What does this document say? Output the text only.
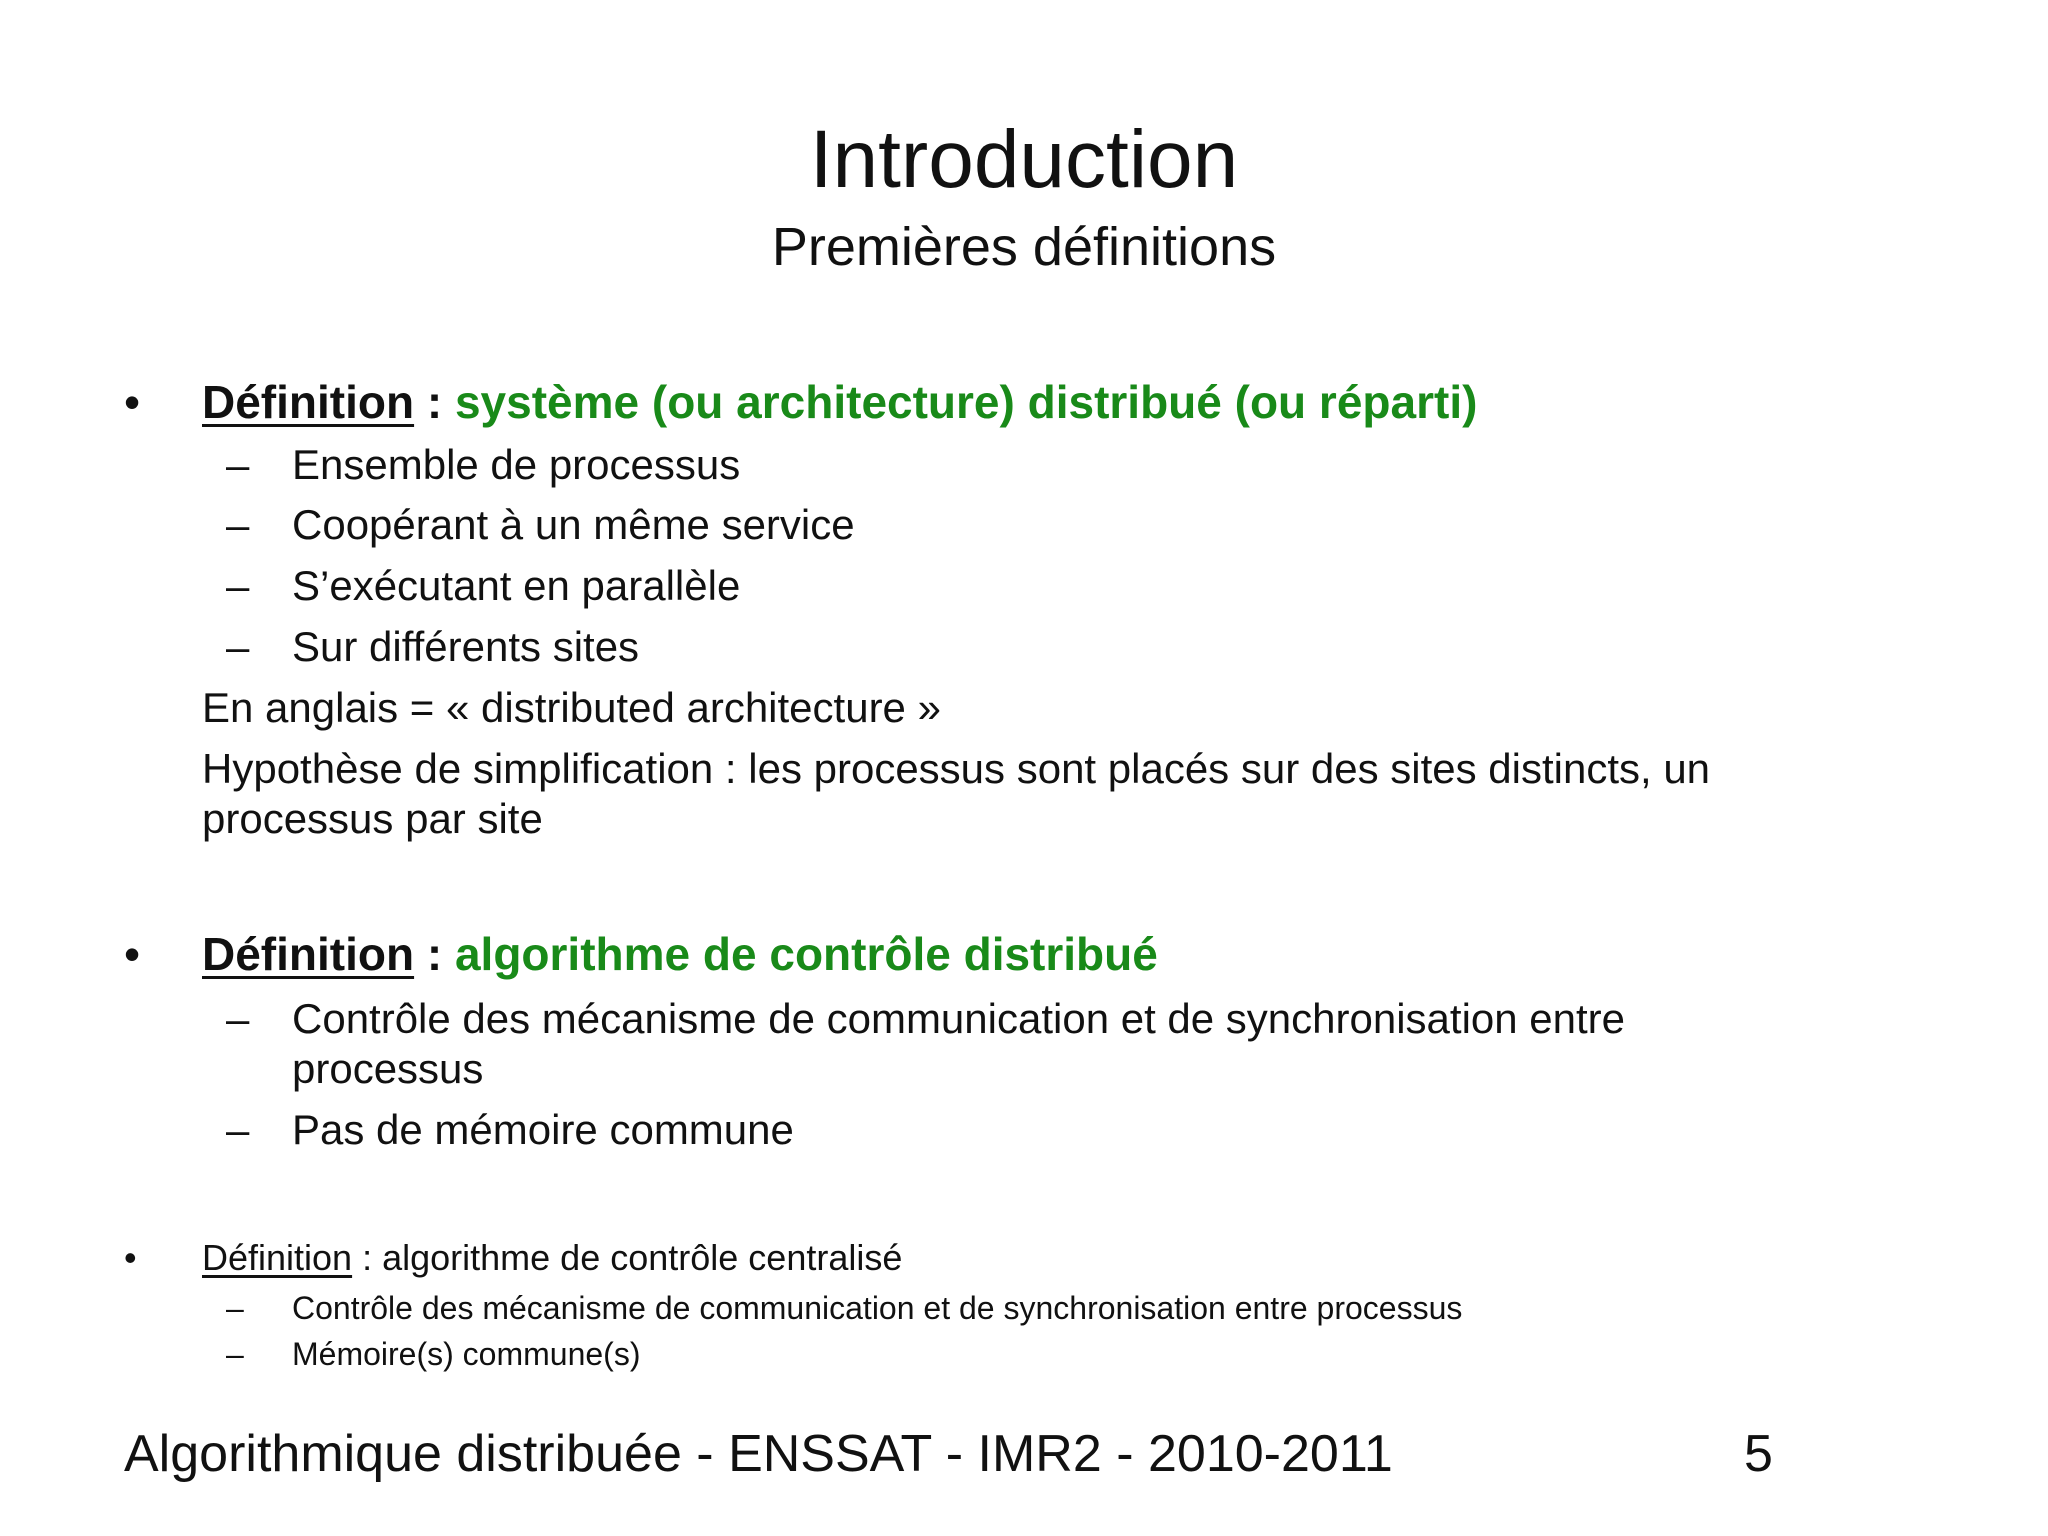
Introduction
Premières définitions
• Définition : système (ou architecture) distribué (ou réparti)
– Ensemble de processus
– Coopérant à un même service
– S’exécutant en parallèle
– Sur différents sites
En anglais = « distributed architecture »
Hypothèse de simplification : les processus sont placés sur des sites distincts, un
processus par site
• Définition : algorithme de contrôle distribué
– Contrôle des mécanisme de communication et de synchronisation entre
processus
– Pas de mémoire commune
• Définition : algorithme de contrôle centralisé
– Contrôle des mécanisme de communication et de synchronisation entre processus
– Mémoire(s) commune(s)
Algorithmique distribuée - ENSSAT - IMR2 - 2010-2011	5
